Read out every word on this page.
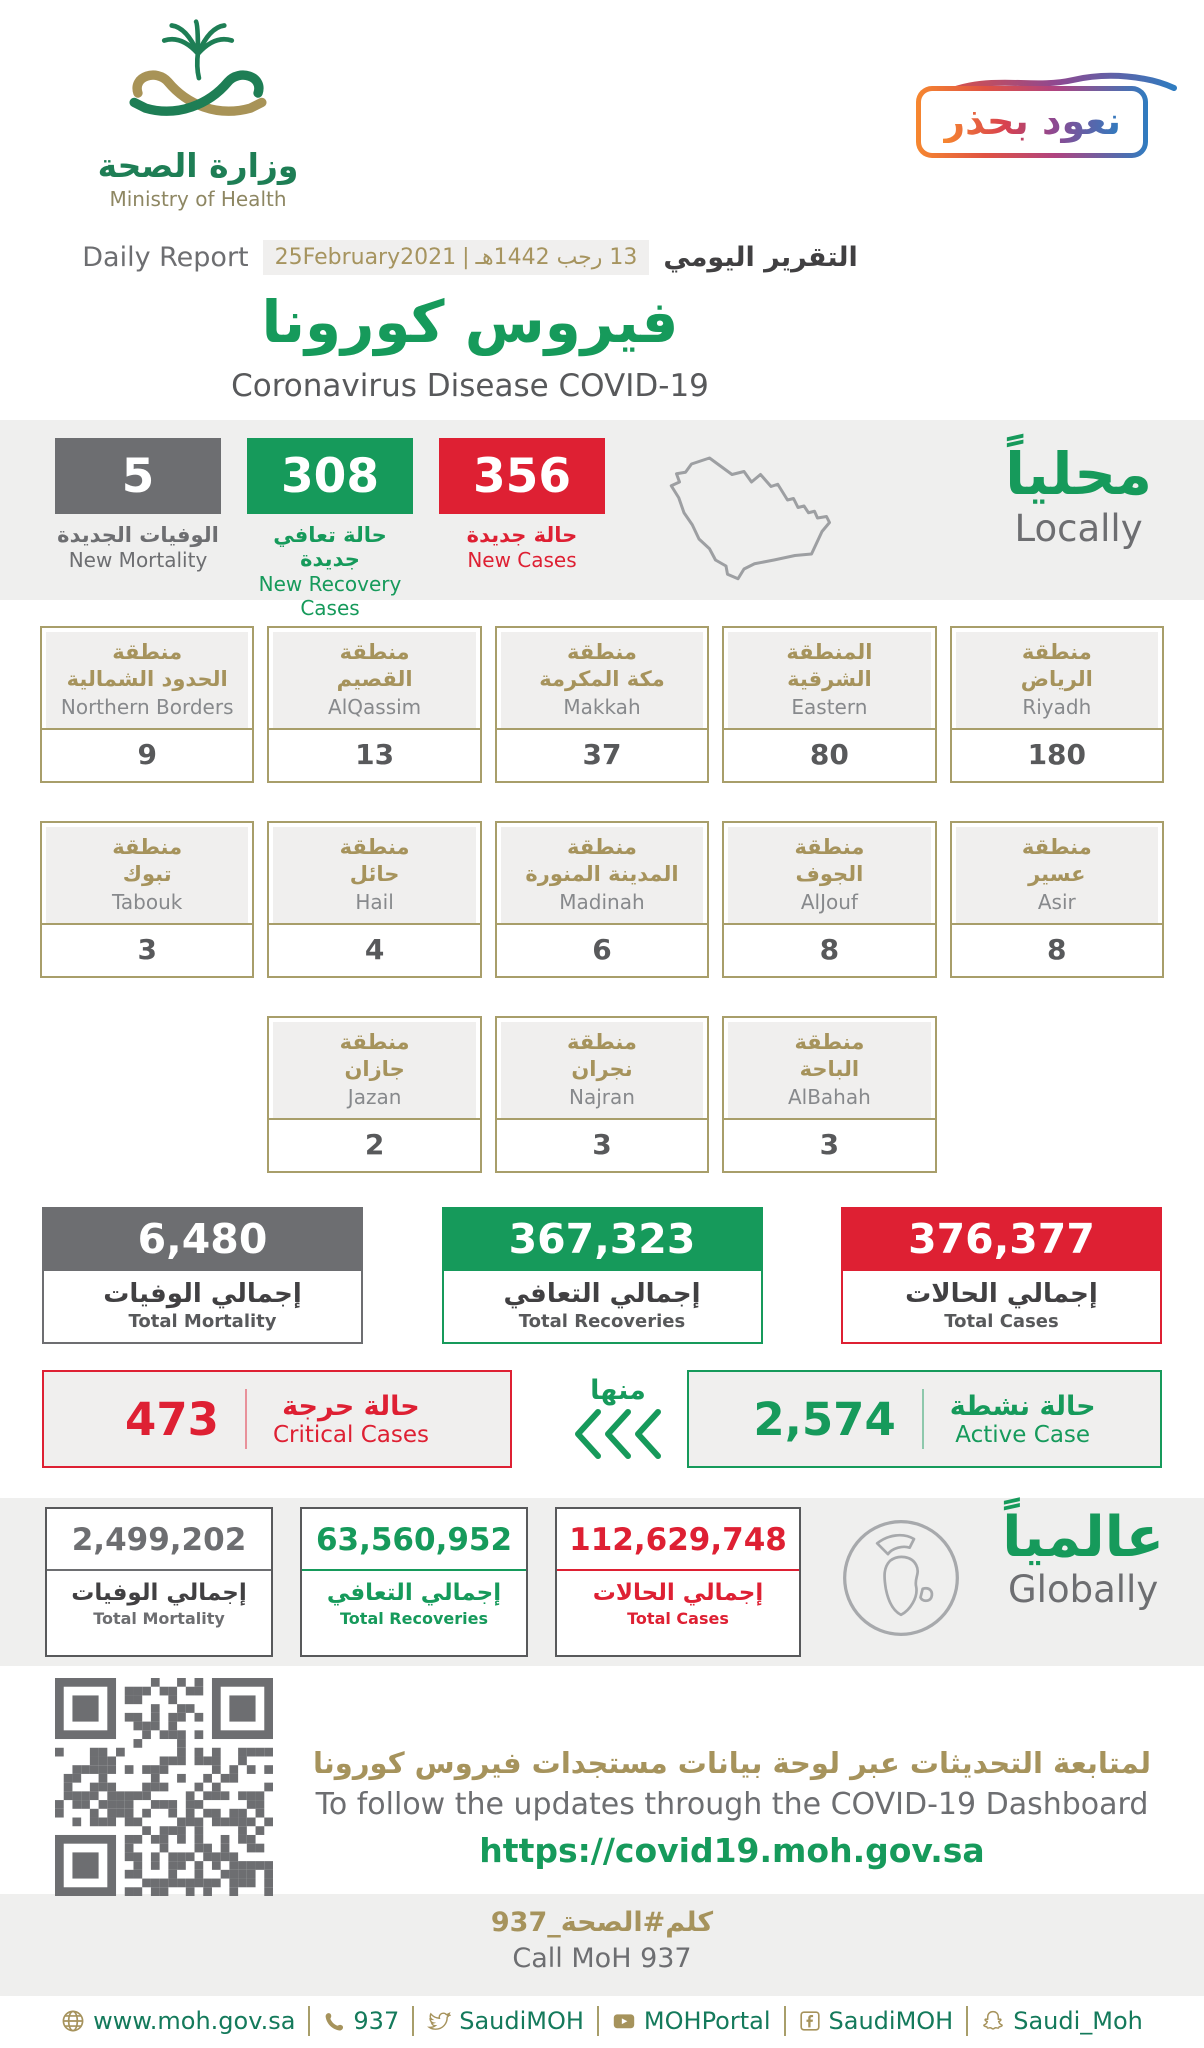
وزارة الصحة
Ministry of Health
نعود بحذر
Daily Report 25February2021 | 13 رجب 1442هـ التقرير اليومي
فيروس كورونا
Coronavirus Disease COVID-19
5
الوفيات الجديدة
New Mortality
308
حالة تعافي جديدة
New Recovery Cases
356
حالة جديدة
New Cases
محلياً
Locally
منطقة
الحدود الشمالية
Northern Borders
9
منطقة
القصيم
AlQassim
13
منطقة
مكة المكرمة
Makkah
37
المنطقة
الشرقية
Eastern
80
منطقة
الرياض
Riyadh
180
منطقة
تبوك
Tabouk
3
منطقة
حائل
Hail
4
منطقة
المدينة المنورة
Madinah
6
منطقة
الجوف
AlJouf
8
منطقة
عسير
Asir
8
منطقة
جازان
Jazan
2
منطقة
نجران
Najran
3
منطقة
الباحة
AlBahah
3
6,480
إجمالي الوفيات
Total Mortality
367,323
إجمالي التعافي
Total Recoveries
376,377
إجمالي الحالات
Total Cases
473	حالة حرجة
Critical Cases
منها
2,574 حالة نشطة
Active Case
2,499,202
إجمالي الوفيات
Total Mortality
63,560,952
إجمالي التعافي
Total Recoveries
112,629,748
إجمالي الحالات
Total Cases
عالمياً
Globally
لمتابعة التحديثات عبر لوحة بيانات مستجدات فيروس كورونا
To follow the updates through the COVID-19 Dashboard
https://covid19.moh.gov.sa
كلم#الصحة_937
Call MoH 937
www.moh.gov.sa 937	SaudiMOH	MOHPortal SaudiMOH	Saudi_Moh
